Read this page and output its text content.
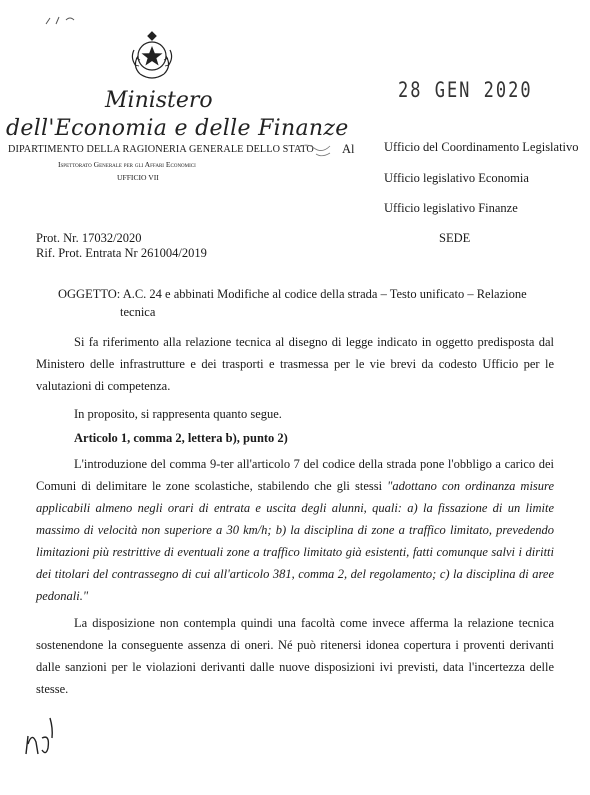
Ministero
dell'Economia e delle Finanze
DIPARTIMENTO DELLA RAGIONERIA GENERALE DELLO STATO Al
Ispettorato Generale per gli Affari Economici
UFFICIO VII
28 GEN 2020
Ufficio del Coordinamento Legislativo
Ufficio legislativo Economia
Ufficio legislativo Finanze
SEDE
Prot. Nr. 17032/2020
Rif. Prot. Entrata Nr 261004/2019
OGGETTO: A.C. 24 e abbinati Modifiche al codice della strada – Testo unificato – Relazione
tecnica
Si fa riferimento alla relazione tecnica al disegno di legge indicato in oggetto predisposta dal Ministero delle infrastrutture e dei trasporti e trasmessa per le vie brevi da codesto Ufficio per le valutazioni di competenza.
In proposito, si rappresenta quanto segue.
Articolo 1, comma 2, lettera b), punto 2)
L'introduzione del comma 9-ter all'articolo 7 del codice della strada pone l'obbligo a carico dei Comuni di delimitare le zone scolastiche, stabilendo che gli stessi "adottano con ordinanza misure applicabili almeno negli orari di entrata e uscita degli alunni, quali: a) la fissazione di un limite massimo di velocità non superiore a 30 km/h; b) la disciplina di zone a traffico limitato, prevedendo limitazioni più restrittive di eventuali zone a traffico limitato già esistenti, fatti comunque salvi i diritti dei titolari del contrassegno di cui all'articolo 381, comma 2, del regolamento; c) la disciplina di aree pedonali."
La disposizione non contempla quindi una facoltà come invece afferma la relazione tecnica sostenendone la conseguente assenza di oneri. Né può ritenersi idonea copertura i proventi derivanti dalle sanzioni per le violazioni derivanti dalle nuove disposizioni ivi previsti, data l'incertezza delle stesse.
